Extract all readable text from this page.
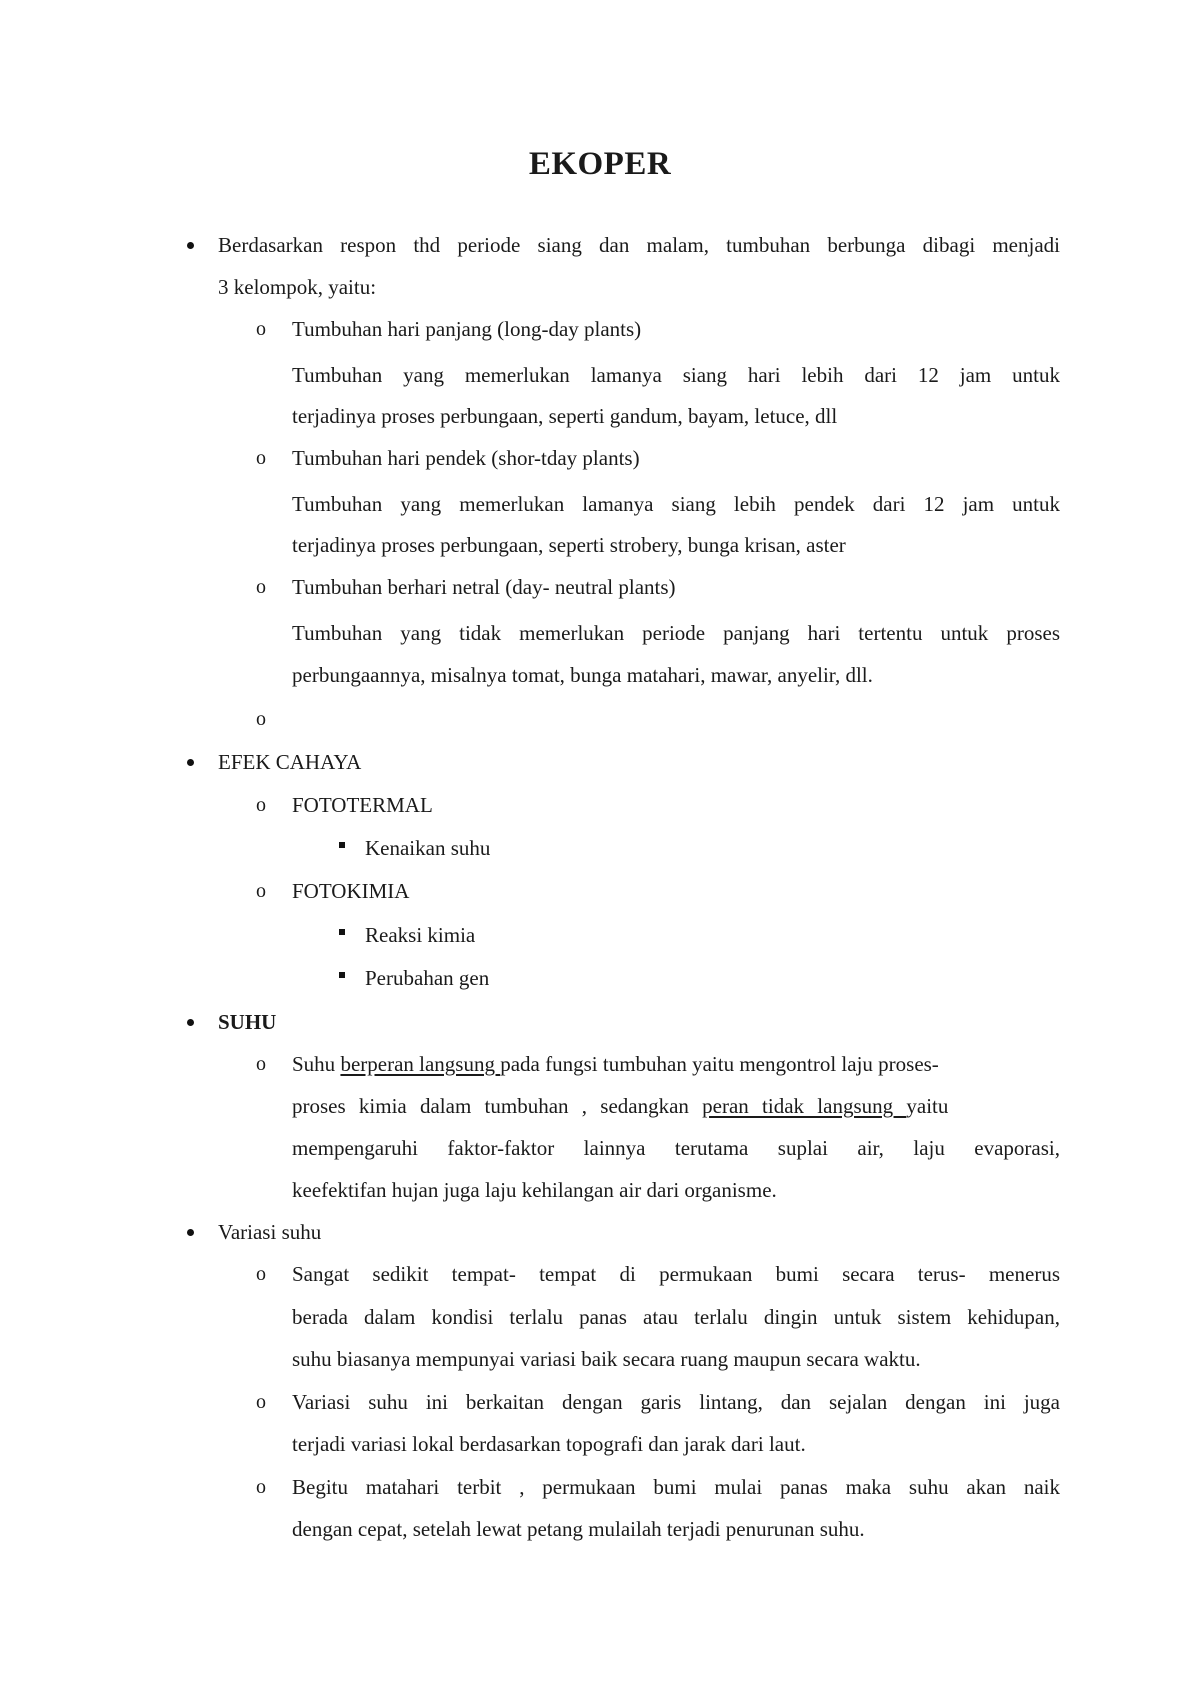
EKOPER
Berdasarkan respon thd periode siang dan malam, tumbuhan berbunga dibagi menjadi
3 kelompok, yaitu:
o Tumbuhan hari panjang (long-day plants)
Tumbuhan yang memerlukan lamanya siang hari lebih dari 12 jam untuk
terjadinya proses perbungaan, seperti gandum, bayam, letuce, dll
o Tumbuhan hari pendek (shor-tday plants)
Tumbuhan yang memerlukan lamanya siang lebih pendek dari 12 jam untuk
terjadinya proses perbungaan, seperti strobery, bunga krisan, aster
o Tumbuhan berhari netral (day- neutral plants)
Tumbuhan yang tidak memerlukan periode panjang hari tertentu untuk proses
perbungaannya, misalnya tomat, bunga matahari, mawar, anyelir, dll.
o
EFEK CAHAYA
o FOTOTERMAL
Kenaikan suhu
o FOTOKIMIA
Reaksi kimia
Perubahan gen
SUHU
o Suhu berperan langsung pada fungsi tumbuhan yaitu mengontrol laju proses-
proses kimia dalam tumbuhan , sedangkan peran tidak langsung yaitu
mempengaruhi faktor-faktor lainnya terutama suplai air, laju evaporasi,
keefektifan hujan juga laju kehilangan air dari organisme.
Variasi suhu
o Sangat sedikit tempat- tempat di permukaan bumi secara terus- menerus
berada dalam kondisi terlalu panas atau terlalu dingin untuk sistem kehidupan,
suhu biasanya mempunyai variasi baik secara ruang maupun secara waktu.
o Variasi suhu ini berkaitan dengan garis lintang, dan sejalan dengan ini juga
terjadi variasi lokal berdasarkan topografi dan jarak dari laut.
o Begitu matahari terbit , permukaan bumi mulai panas maka suhu akan naik
dengan cepat, setelah lewat petang mulailah terjadi penurunan suhu.
